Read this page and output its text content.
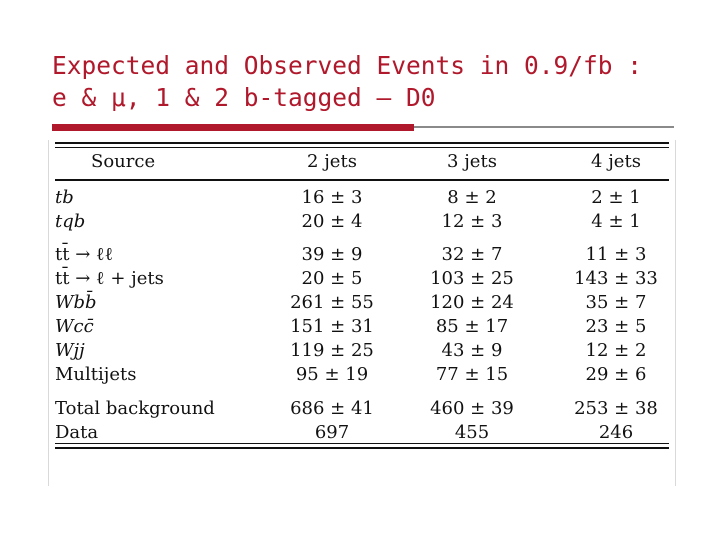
Expected and Observed Events in 0.9/fb :
e & μ, 1 & 2 b-tagged – D0
Source	2 jets	3 jets	4 jets
tb	16 ± 3	8 ± 2	2 ± 1
tqb	20 ± 4	12 ± 3	4 ± 1
tt̄ → ℓℓ	39 ± 9	32 ± 7	11 ± 3
tt̄ → ℓ + jets	20 ± 5	103 ± 25	143 ± 33
Wbb̄	261 ± 55	120 ± 24	35 ± 7
Wcc̄	151 ± 31	85 ± 17	23 ± 5
Wjj	119 ± 25	43 ± 9	12 ± 2
Multijets	95 ± 19	77 ± 15	29 ± 6
Total background	686 ± 41	460 ± 39	253 ± 38
Data	697	455	246
